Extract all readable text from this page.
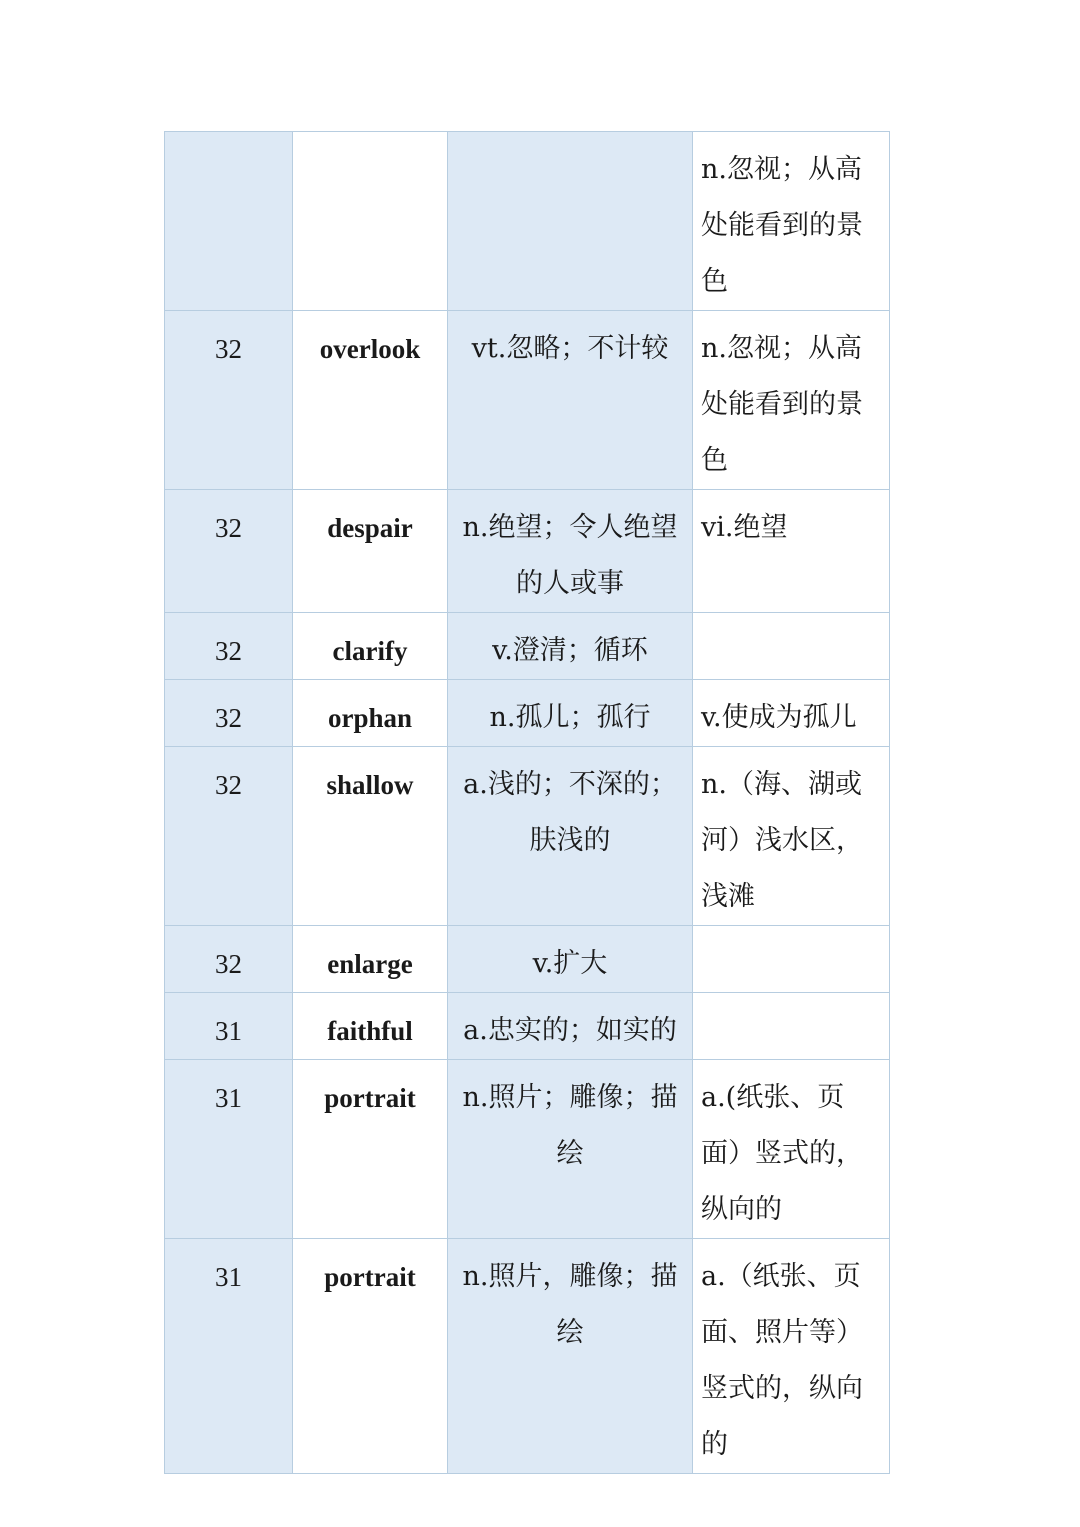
			n.忽视；从高处能看到的景色
32	overlook	vt.忽略；不计较	n.忽视；从高处能看到的景色
32	despair	n.绝望；令人绝望的人或事	vi.绝望
32	clarify	v.澄清；循环	
32	orphan	n.孤儿；孤行	v.使成为孤儿
32	shallow	a.浅的；不深的；肤浅的	n.（海、湖或河）浅水区，浅滩
32	enlarge	v.扩大	
31	faithful	a.忠实的；如实的	
31	portrait	n.照片；雕像；描绘	a.(纸张、页面）竖式的，纵向的
31	portrait	n.照片，雕像；描绘	a.（纸张、页面、照片等）竖式的，纵向的
